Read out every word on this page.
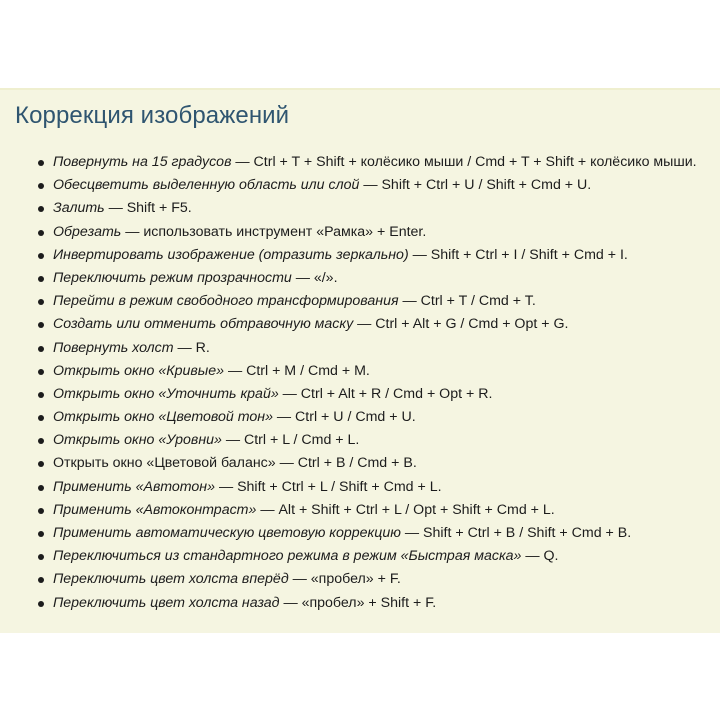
Коррекция изображений
Повернуть на 15 градусов — Ctrl + T + Shift + колёсико мыши / Cmd + T + Shift + колёсико мыши.
Обесцветить выделенную область или слой — Shift + Ctrl + U / Shift + Cmd + U.
Залить — Shift + F5.
Обрезать — использовать инструмент «Рамка» + Enter.
Инвертировать изображение (отразить зеркально) — Shift + Ctrl + I / Shift + Cmd + I.
Переключить режим прозрачности — «/».
Перейти в режим свободного трансформирования — Ctrl + T / Cmd + T.
Создать или отменить обтравочную маску — Ctrl + Alt + G / Cmd + Opt + G.
Повернуть холст — R.
Открыть окно «Кривые» — Ctrl + M / Cmd + M.
Открыть окно «Уточнить край» — Ctrl + Alt + R / Cmd + Opt + R.
Открыть окно «Цветовой тон» — Ctrl + U / Cmd + U.
Открыть окно «Уровни» — Ctrl + L / Cmd + L.
Открыть окно «Цветовой баланс» — Ctrl + B / Cmd + B.
Применить «Автотон» — Shift + Ctrl + L / Shift + Cmd + L.
Применить «Автоконтраст» — Alt + Shift + Ctrl + L / Opt + Shift + Cmd + L.
Применить автоматическую цветовую коррекцию — Shift + Ctrl + B / Shift + Cmd + B.
Переключиться из стандартного режима в режим «Быстрая маска» — Q.
Переключить цвет холста вперёд — «пробел» + F.
Переключить цвет холста назад — «пробел» + Shift + F.
